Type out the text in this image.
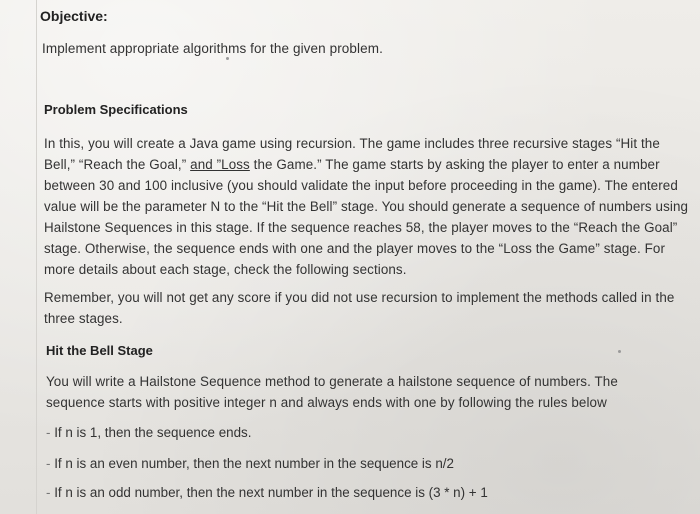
Objective:
Implement appropriate algorithms for the given problem.
Problem Specifications
In this, you will create a Java game using recursion. The game includes three recursive stages “Hit the Bell,” “Reach the Goal,” and ”Loss the Game.” The game starts by asking the player to enter a number between 30 and 100 inclusive (you should validate the input before proceeding in the game). The entered value will be the parameter N to the “Hit the Bell” stage. You should generate a sequence of numbers using Hailstone Sequences in this stage. If the sequence reaches 58, the player moves to the “Reach the Goal” stage. Otherwise, the sequence ends with one and the player moves to the “Loss the Game” stage. For more details about each stage, check the following sections.
Remember, you will not get any score if you did not use recursion to implement the methods called in the three stages.
Hit the Bell Stage
You will write a Hailstone Sequence method to generate a hailstone sequence of numbers. The sequence starts with positive integer n and always ends with one by following the rules below
- If n is 1, then the sequence ends.
- If n is an even number, then the next number in the sequence is n/2
- If n is an odd number, then the next number in the sequence is (3 * n) + 1
